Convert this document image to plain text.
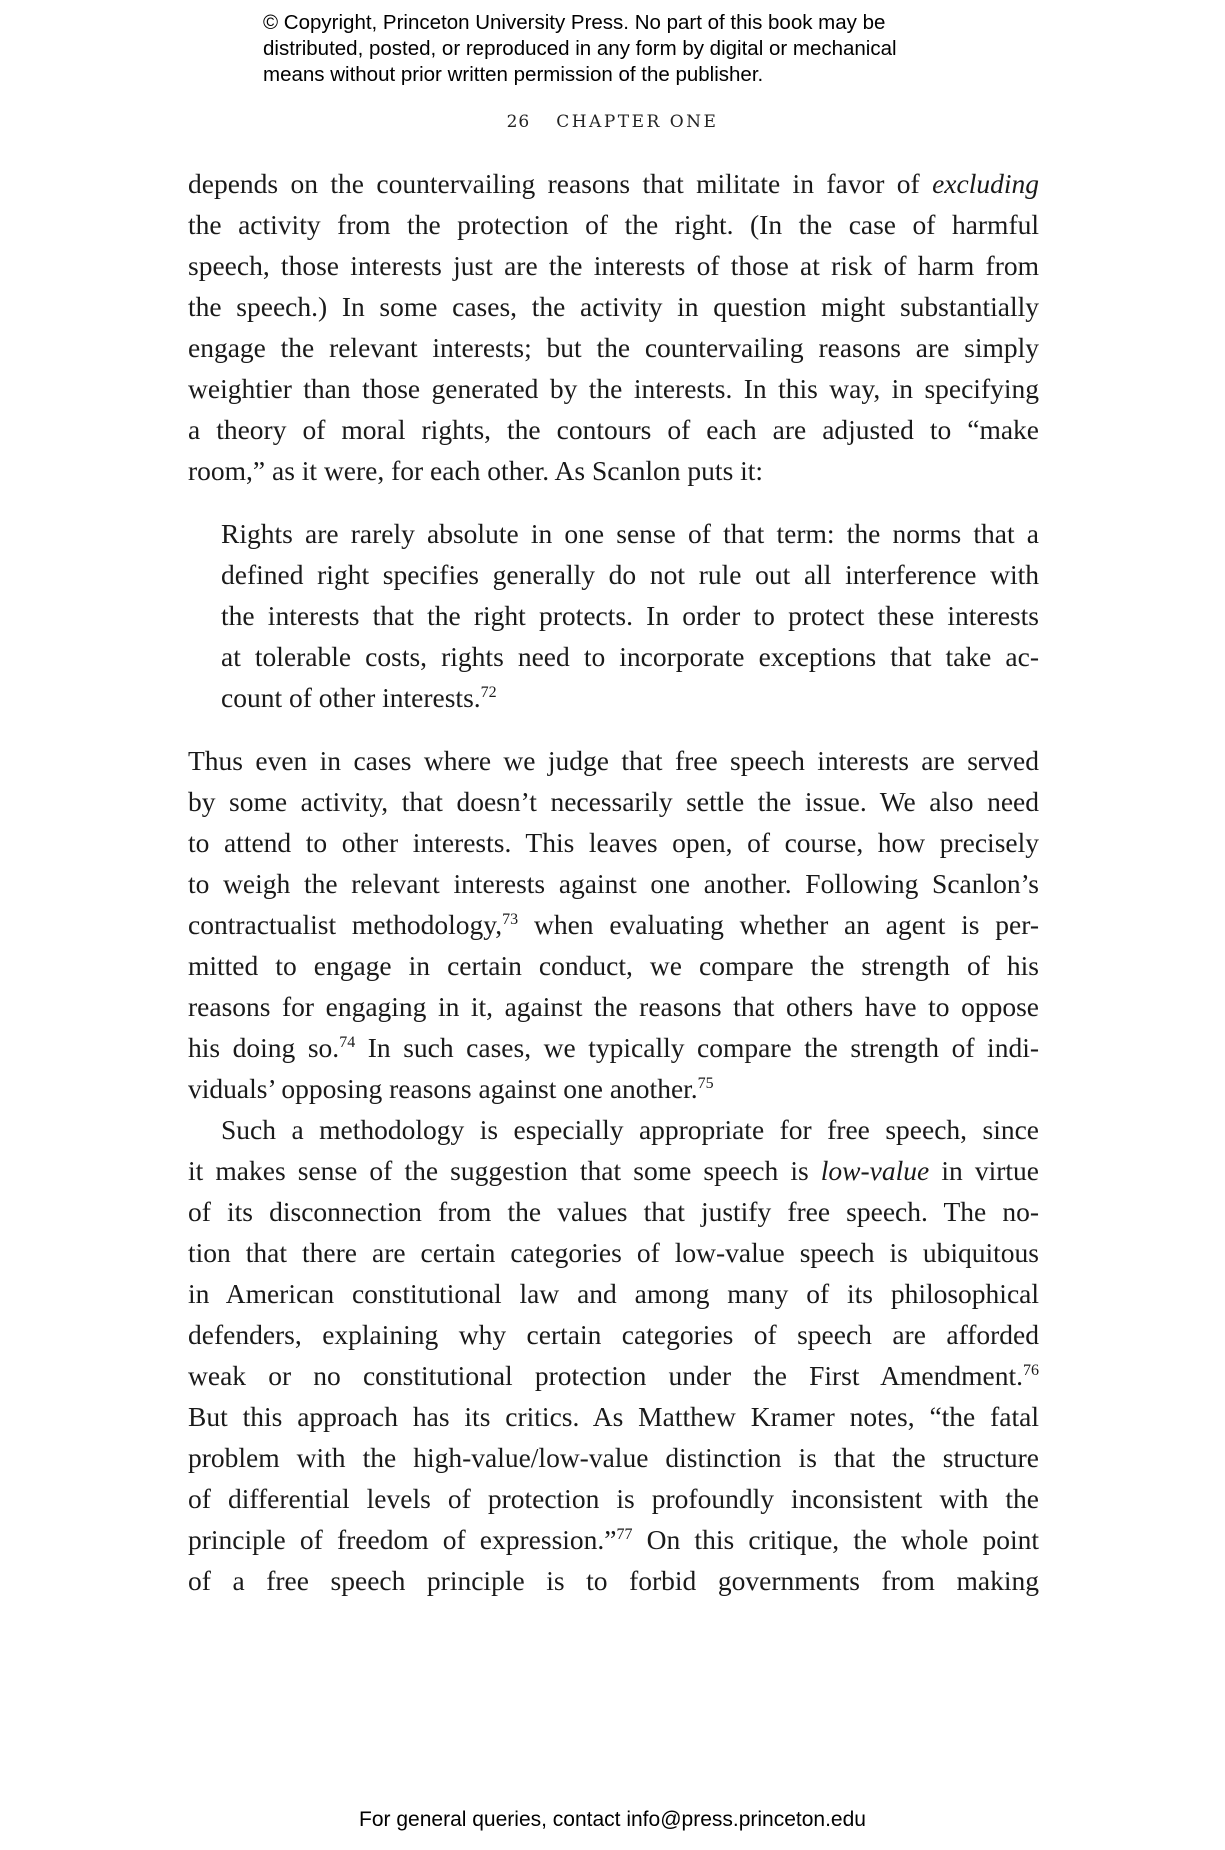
© Copyright, Princeton University Press. No part of this book may be
distributed, posted, or reproduced in any form by digital or mechanical
means without prior written permission of the publisher.
26 CHAPTER ONE
depends on the countervailing reasons that militate in favor of excluding
the activity from the protection of the right. (In the case of harmful
speech, those interests just are the interests of those at risk of harm from
the speech.) In some cases, the activity in question might substantially
engage the relevant interests; but the countervailing reasons are simply
weightier than those generated by the interests. In this way, in specifying
a theory of moral rights, the contours of each are adjusted to “make
room,” as it were, for each other. As Scanlon puts it:
Rights are rarely absolute in one sense of that term: the norms that a
defined right specifies generally do not rule out all interference with
the interests that the right protects. In order to protect these interests
at tolerable costs, rights need to incorporate exceptions that take ac-
count of other interests.$^{72}$
Thus even in cases where we judge that free speech interests are served
by some activity, that doesn’t necessarily settle the issue. We also need
to attend to other interests. This leaves open, of course, how precisely
to weigh the relevant interests against one another. Following Scanlon’s
contractualist methodology,$^{73}$ when evaluating whether an agent is per-
mitted to engage in certain conduct, we compare the strength of his
reasons for engaging in it, against the reasons that others have to oppose
his doing so.$^{74}$ In such cases, we typically compare the strength of indi-
viduals’ opposing reasons against one another.$^{75}$
Such a methodology is especially appropriate for free speech, since
it makes sense of the suggestion that some speech is low-value in virtue
of its disconnection from the values that justify free speech. The no-
tion that there are certain categories of low-value speech is ubiquitous
in American constitutional law and among many of its philosophical
defenders, explaining why certain categories of speech are afforded
weak or no constitutional protection under the First Amendment.$^{76}$
But this approach has its critics. As Matthew Kramer notes, “the fatal
problem with the high-value/low-value distinction is that the structure
of differential levels of protection is profoundly inconsistent with the
principle of freedom of expression.”$^{77}$ On this critique, the whole point
of a free speech principle is to forbid governments from making
For general queries, contact info@press.princeton.edu
